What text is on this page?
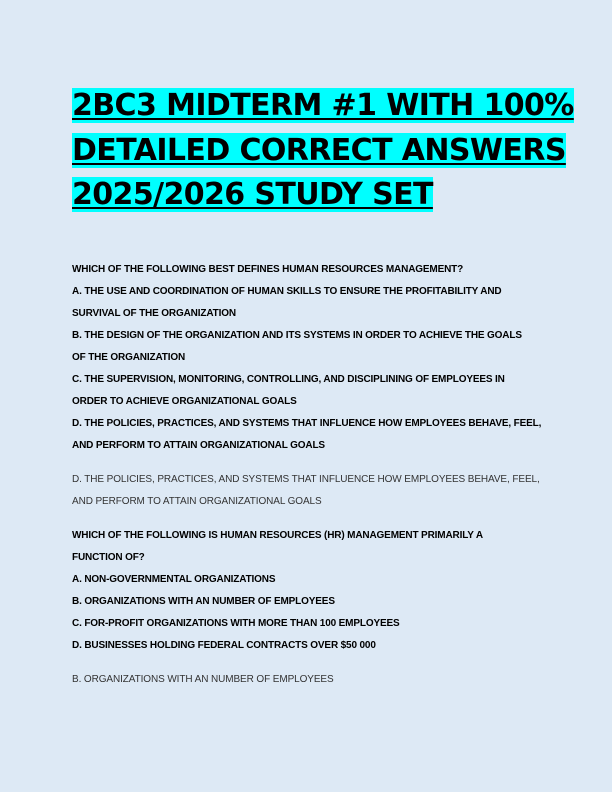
2BC3 MIDTERM #1 WITH 100%
DETAILED CORRECT ANSWERS
2025/2026 STUDY SET

WHICH OF THE FOLLOWING BEST DEFINES HUMAN RESOURCES MANAGEMENT?

A. THE USE AND COORDINATION OF HUMAN SKILLS TO ENSURE THE PROFITABILITY AND

SURVIVAL OF THE ORGANIZATION

B. THE DESIGN OF THE ORGANIZATION AND ITS SYSTEMS IN ORDER TO ACHIEVE THE GOALS

OF THE ORGANIZATION

C. THE SUPERVISION, MONITORING, CONTROLLING, AND DISCIPLINING OF EMPLOYEES IN

ORDER TO ACHIEVE ORGANIZATIONAL GOALS

D. THE POLICIES, PRACTICES, AND SYSTEMS THAT INFLUENCE HOW EMPLOYEES BEHAVE, FEEL,

AND PERFORM TO ATTAIN ORGANIZATIONAL GOALS

D. THE POLICIES, PRACTICES, AND SYSTEMS THAT INFLUENCE HOW EMPLOYEES BEHAVE, FEEL,
AND PERFORM TO ATTAIN ORGANIZATIONAL GOALS

WHICH OF THE FOLLOWING IS HUMAN RESOURCES (HR) MANAGEMENT PRIMARILY A

FUNCTION OF?

A. NON-GOVERNMENTAL ORGANIZATIONS

B. ORGANIZATIONS WITH AN NUMBER OF EMPLOYEES

C. FOR-PROFIT ORGANIZATIONS WITH MORE THAN 100 EMPLOYEES

D. BUSINESSES HOLDING FEDERAL CONTRACTS OVER $50 000

B. ORGANIZATIONS WITH AN NUMBER OF EMPLOYEES
